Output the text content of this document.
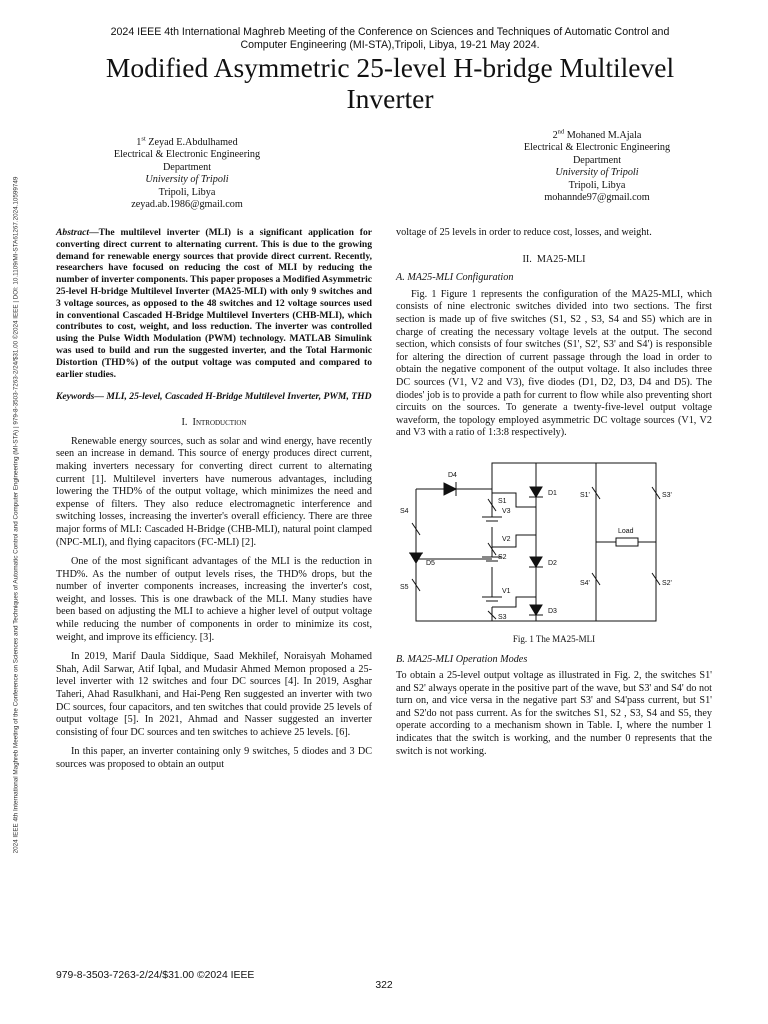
2024 IEEE 4th International Maghreb Meeting of the Conference on Sciences and Techniques of Automatic Control and Computer Engineering (MI-STA) | 979-8-3503-7263-2/24/$31.00 ©2024 IEEE | DOI: 10.1109/MI-STA61267.2024.10599749
2024 IEEE 4th International Maghreb Meeting of the Conference on Sciences and Techniques of Automatic Control and
Computer Engineering (MI-STA),Tripoli, Libya, 19-21 May 2024.
Modified Asymmetric 25-level H-bridge Multilevel
Inverter
1st Zeyad E.Abdulhamed
Electrical & Electronic Engineering
Department
University of Tripoli
Tripoli, Libya
zeyad.ab.1986@gmail.com
2nd Mohaned M.Ajala
Electrical & Electronic Engineering
Department
University of Tripoli
Tripoli, Libya
mohannde97@gmail.com
Abstract—The multilevel inverter (MLI) is a significant application for converting direct current to alternating current. This is due to the growing demand for renewable energy sources that provide direct current. Recently, researchers have focused on reducing the cost of MLI by reducing the number of inverter components. This paper proposes a Modified Asymmetric 25-level H-bridge Multilevel Inverter (MA25-MLI) with only 9 switches and 3 voltage sources, as opposed to the 48 switches and 12 voltage sources used in conventional Cascaded H-Bridge Multilevel Inverters (CHB-MLI), which contributes to cost, weight, and loss reduction. The inverter was controlled using the Pulse Width Modulation (PWM) technology. MATLAB Simulink was used to build and run the suggested inverter, and the Total Harmonic Distortion (THD%) of the output voltage was computed and compared to earlier studies.
Keywords— MLI, 25-level, Cascaded H-Bridge Multilevel Inverter, PWM, THD
I. Introduction

Renewable energy sources, such as solar and wind energy, have recently seen an increase in demand. This source of energy produces direct current, making inverters necessary for converting direct current to alternating current [1]. Multilevel inverters have numerous advantages, including lowering the THD% of the output voltage, which minimizes the need and expense of filters. They also reduce electromagnetic interference and switching losses, increasing the inverter's overall efficiency. There are three major forms of MLI: Cascaded H-Bridge (CHB-MLI), natural point clamped (NPC-MLI), and flying capacitors (FC-MLI) [2].

One of the most significant advantages of the MLI is the reduction in THD%. As the number of output levels rises, the THD% drops, but the number of inverter components increases, increasing the inverter's cost, weight, and losses. This is one drawback of the MLI. Many studies have been based on adjusting the MLI to achieve a higher level of output voltage while reducing the number of components in order to minimize its cost, weight, and improve its efficiency. [3].

In 2019, Marif Daula Siddique, Saad Mekhilef, Noraisyah Mohamed Shah, Adil Sarwar, Atif Iqbal, and Mudasir Ahmed Memon proposed a 25-level inverter with 12 switches and four DC sources [4]. In 2019, Asghar Taheri, Ahad Rasulkhani, and Hai-Peng Ren suggested an inverter with two DC sources, four capacitors, and ten switches that could provide 25 levels of output voltage [5]. In 2021, Ahmad and Nasser suggested an inverter consisting of four DC sources and ten switches to achieve 25 levels. [6].

In this paper, an inverter containing only 9 switches, 5 diodes and 3 DC sources was proposed to obtain an output

voltage of 25 levels in order to reduce cost, losses, and weight.

II. MA25-MLI
A. MA25-MLI Configuration

Fig. 1 Figure 1 represents the configuration of the MA25-MLI, which consists of nine electronic switches divided into two sections. The first section is made up of five switches (S1, S2 , S3, S4 and S5) which are in charge of creating the necessary voltage levels at the output. The second section, which consists of four switches (S1', S2', S3' and S4') is responsible for altering the direction of current passage through the load in order to obtain the negative component of the output voltage. It also includes three DC sources (V1, V2 and V3), five diodes (D1, D2, D3, D4 and D5). The diodes' job is to provide a path for current to flow while also preventing short circuits on the sources. To generate a twenty-five-level output voltage waveform, the topology employed asymmetric DC voltage sources (V1, V2 and V3 with a ratio of 1:3:8 respectively).

D4
V3
S1
D1	S1'	S3'
S4
V2
D2
Load
S2
D5
S5
V1
D3
S4'	S2'
S3
Fig. 1 The MA25-MLI
B. MA25-MLI Operation Modes

To obtain a 25-level output voltage as illustrated in Fig. 2, the switches S1' and S2' always operate in the positive part of the wave, but S3' and S4' do not turn on, and vice versa in the negative part S3' and S4'pass current, but S1' and S2'do not pass current. As for the switches S1, S2 , S3, S4 and S5, they operate according to a mechanism shown in Table. I, where the number 1 indicates that the switch is working, and the number 0 represents that the switch is not working.

979-8-3503-7263-2/24/$31.00 ©2024 IEEE
322
